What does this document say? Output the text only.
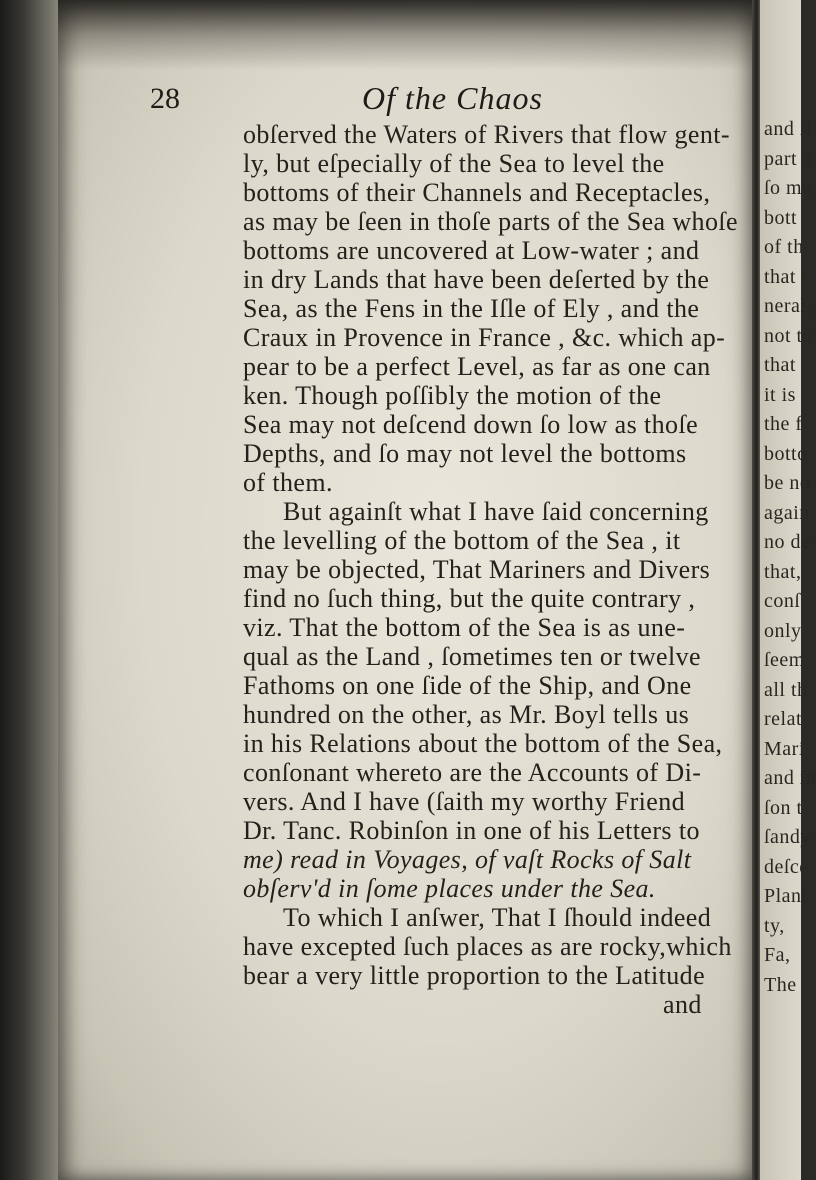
28	Of the Chaos
obſerved the Waters of Rivers that flow gent-
ly, but eſpecially of the Sea to level the
bottoms of their Channels and Receptacles,
as may be ſeen in thoſe parts of the Sea whoſe
bottoms are uncovered at Low-water ; and
in dry Lands that have been deſerted by the
Sea, as the Fens in the Iſle of Ely , and the
Craux in Provence in France , &c. which ap-
pear to be a perfect Level, as far as one can
ken. Though poſſibly the motion of the
Sea may not deſcend down ſo low as thoſe
Depths, and ſo may not level the bottoms
of them.
But againſt what I have ſaid concerning
the levelling of the bottom of the Sea , it
may be objected, That Mariners and Divers
find no ſuch thing, but the quite contrary ,
viz. That the bottom of the Sea is as une-
qual as the Land , ſometimes ten or twelve
Fathoms on one ſide of the Ship, and One
hundred on the other, as Mr. Boyl tells us
in his Relations about the bottom of the Sea,
conſonant whereto are the Accounts of Di-
vers. And I have (ſaith my worthy Friend
Dr. Tanc. Robinſon in one of his Letters to
me) read in Voyages, of vaſt Rocks of Salt
obſerv'd in ſome places under the Sea.
To which I anſwer, That I ſhould indeed
have excepted ſuch places as are rocky,which
bear a very little proportion to the Latitude
and
and ſi
part o
ſo mu
bott
of th
that l
neral,
not to
that
it is
the f
botto
be no
again
no de
that,
conſ
only
ſeem
all th
relat
Mari
and in
ſon t
ſandy
deſce
Plant
ty,
Fa,
The
